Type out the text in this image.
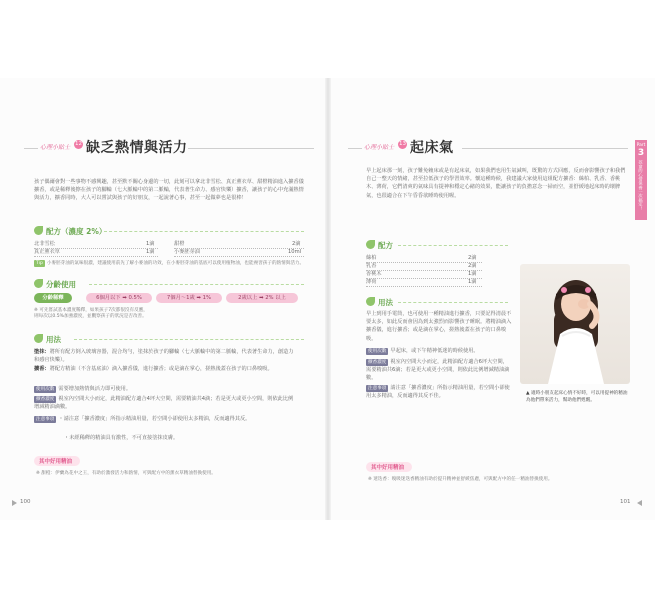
心理小貼士 12 缺乏熱情與活力
孩子偶爾會對一些事物不感興趣，甚至默不關心身邊的一切，此刻可以拿北非雪松、真正薰衣草、甜橙精油進入擴香儀擴香，或是稀釋後擦在孩子的腳輪（七大脈輪中的第二脈輪，代表著生命力、感官快樂）擴香，讓孩子的心中充滿熱情與活力，擴香同時，大人可以嘗試與孩子的好朋友，一起說著心事，甚至一起做夢也是很棒！
配方（濃度 2%）
北非雪松	1滴
真正薰衣草	1滴
甜橙	2滴
小麥胚芽油	10ml
Tip 小麥胚芽油的氣味很濃，建議使用前先了解小麥油的功效，在小麥胚芽油的基底可以使用植物油，也能複習孩子的熱情與活力。
分齡使用
分齡稀釋	6個月以下 ➡ 0.5%	7個月～1歲 ➡ 1%	2歲以上 ➡ 2% 以上
※ 可先嘗試基本濃度稀釋，如果孩子7次都很沒有反應，
則每次以0.5%加強濃度，並觀察孩子的狀況是否改善。
用法
塗抹：將所有配方倒入玻璃容器，混合均勻，塗抹於孩子的腳輪（七大脈輪中的第二脈輪，代表著生命力，創造力和感官快樂）。
擴香：將配方精油（不含基底油）滴入擴香儀，進行擴香；或是滴在掌心，搓熱後蓋在孩子的口鼻嗅吸。
使用次數 需要增加熱情與活力即可使用。
擴香濃度 視室內空間大小而定，此精油配方適合4坪大空間，需要精油共4滴；若是更大或更小空間，則依此比例增減精油滴數。
注意事項 ・請注意「擴香濃度」所指示精油用量，若空間小卻使用太多精油，反而適得其反。
・未經稀釋的精油具有激性，不可直接塗抹皮膚。
其中好用精油
※ 甜橙：伊蘭為花中之王，有助於激發活力和熱情，可與配方中的薰衣草精油替換使用。
100
心理小貼士 13 起床氣
早上起床那一刻，孩子難免賴床或是有起床氣，如果我們也用生氣減叫，既驚的方式回應，反而會影響孩子和我們自己一整天的情緒，甚至拉低孩子的學習效率。懷這種時候，我建議大家使用這組配方擴香：絲柏、乳香、香桃木、薄荷，它們清爽的氣味具有提神和穩定心緒的效果，能讓孩子的負擔意念一掃而空，並舒緩地起床時的壞脾氣，也很適合在下午昏昏欲睡時使用喔。
配方
絲柏	2滴
乳香	2滴
香桃木	1滴
薄荷	1滴
用法
早上到用手電筒，也可使用一種精油進行擴香，只要記得清晨不要太多，如此反而會因為到太強烈而影響孩子睡眠。將精油滴入擴香儀，進行擴香；或是滴在掌心，搓熱後蓋在孩子的口鼻嗅吸。
使用次數 早起床，或下午精神低迷的時候使用。
擴香濃度 視室內空間大小而定，此精油配方適合6坪大空間，需要精油共6滴；若是更大或更小空間，則依此比例增減精油滴數。
注意事項 請注意「擴香濃度」所指示精油用量，若空間小卻使用太多精油，反而適得其反不佳。	▲ 適時小朋友起床心情不好時，可以用提神的精油為他們帶來活力，幫助他們甦醒。
其中好用精油
※ 迷迭香：嗅吸迷迭香精油有助於提升精神並舒緩焦慮，可與配方中的任一精油替換使用。
101
Part
3
孩童的心情保養一次搞定！
